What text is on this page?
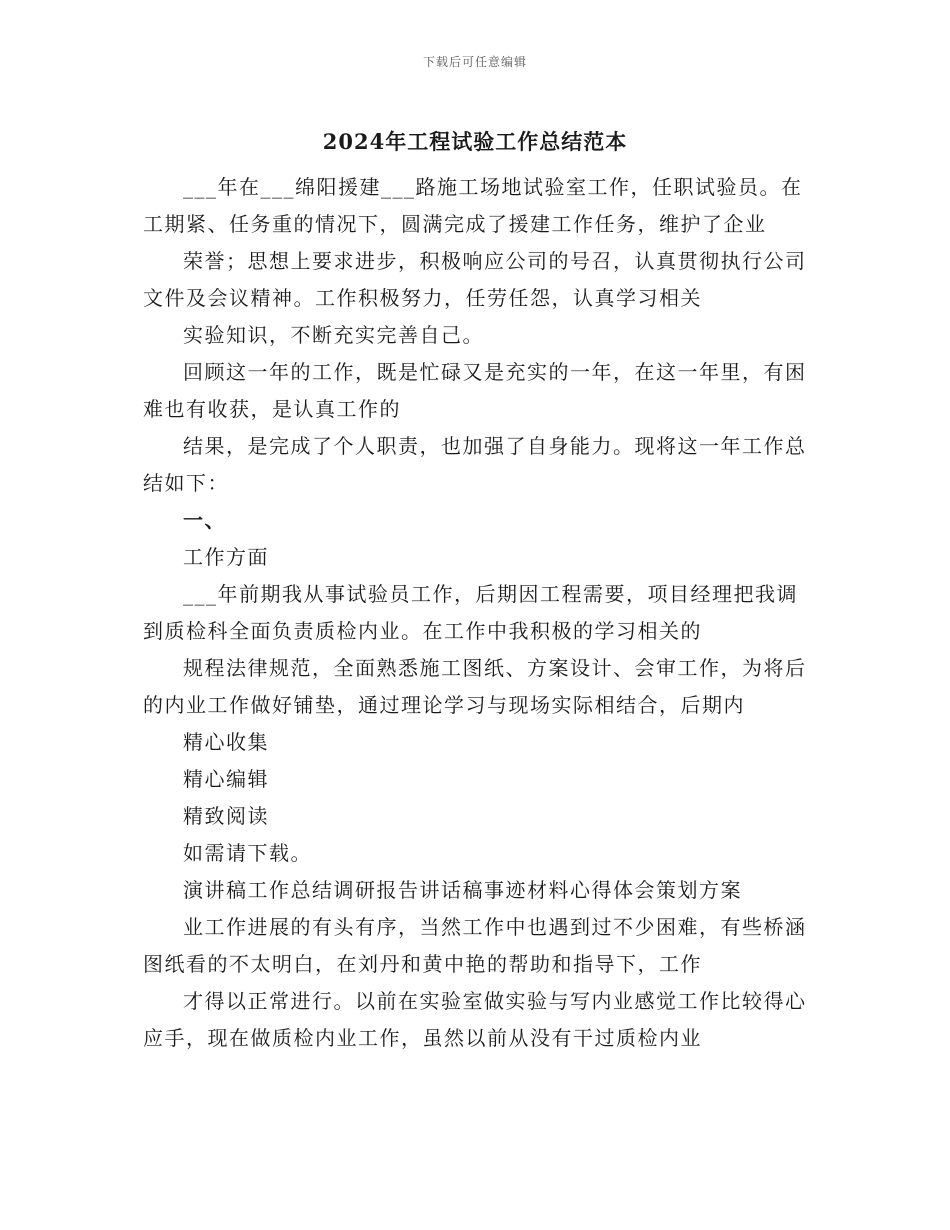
下载后可任意编辑
2024年工程试验工作总结范本

___年在___绵阳援建___路施工场地试验室工作，任职试验员。在工期紧、任务重的情况下，圆满完成了援建工作任务，维护了企业

荣誉；思想上要求进步，积极响应公司的号召，认真贯彻执行公司文件及会议精神。工作积极努力，任劳任怨，认真学习相关

实验知识，不断充实完善自己。

回顾这一年的工作，既是忙碌又是充实的一年，在这一年里，有困难也有收获，是认真工作的

结果，是完成了个人职责，也加强了自身能力。现将这一年工作总结如下：

一、

工作方面

___年前期我从事试验员工作，后期因工程需要，项目经理把我调到质检科全面负责质检内业。在工作中我积极的学习相关的

规程法律规范，全面熟悉施工图纸、方案设计、会审工作，为将后的内业工作做好铺垫，通过理论学习与现场实际相结合，后期内

精心收集

精心编辑

精致阅读

如需请下载。

演讲稿工作总结调研报告讲话稿事迹材料心得体会策划方案

业工作进展的有头有序，当然工作中也遇到过不少困难，有些桥涵图纸看的不太明白，在刘丹和黄中艳的帮助和指导下，工作

才得以正常进行。以前在实验室做实验与写内业感觉工作比较得心应手，现在做质检内业工作，虽然以前从没有干过质检内业
